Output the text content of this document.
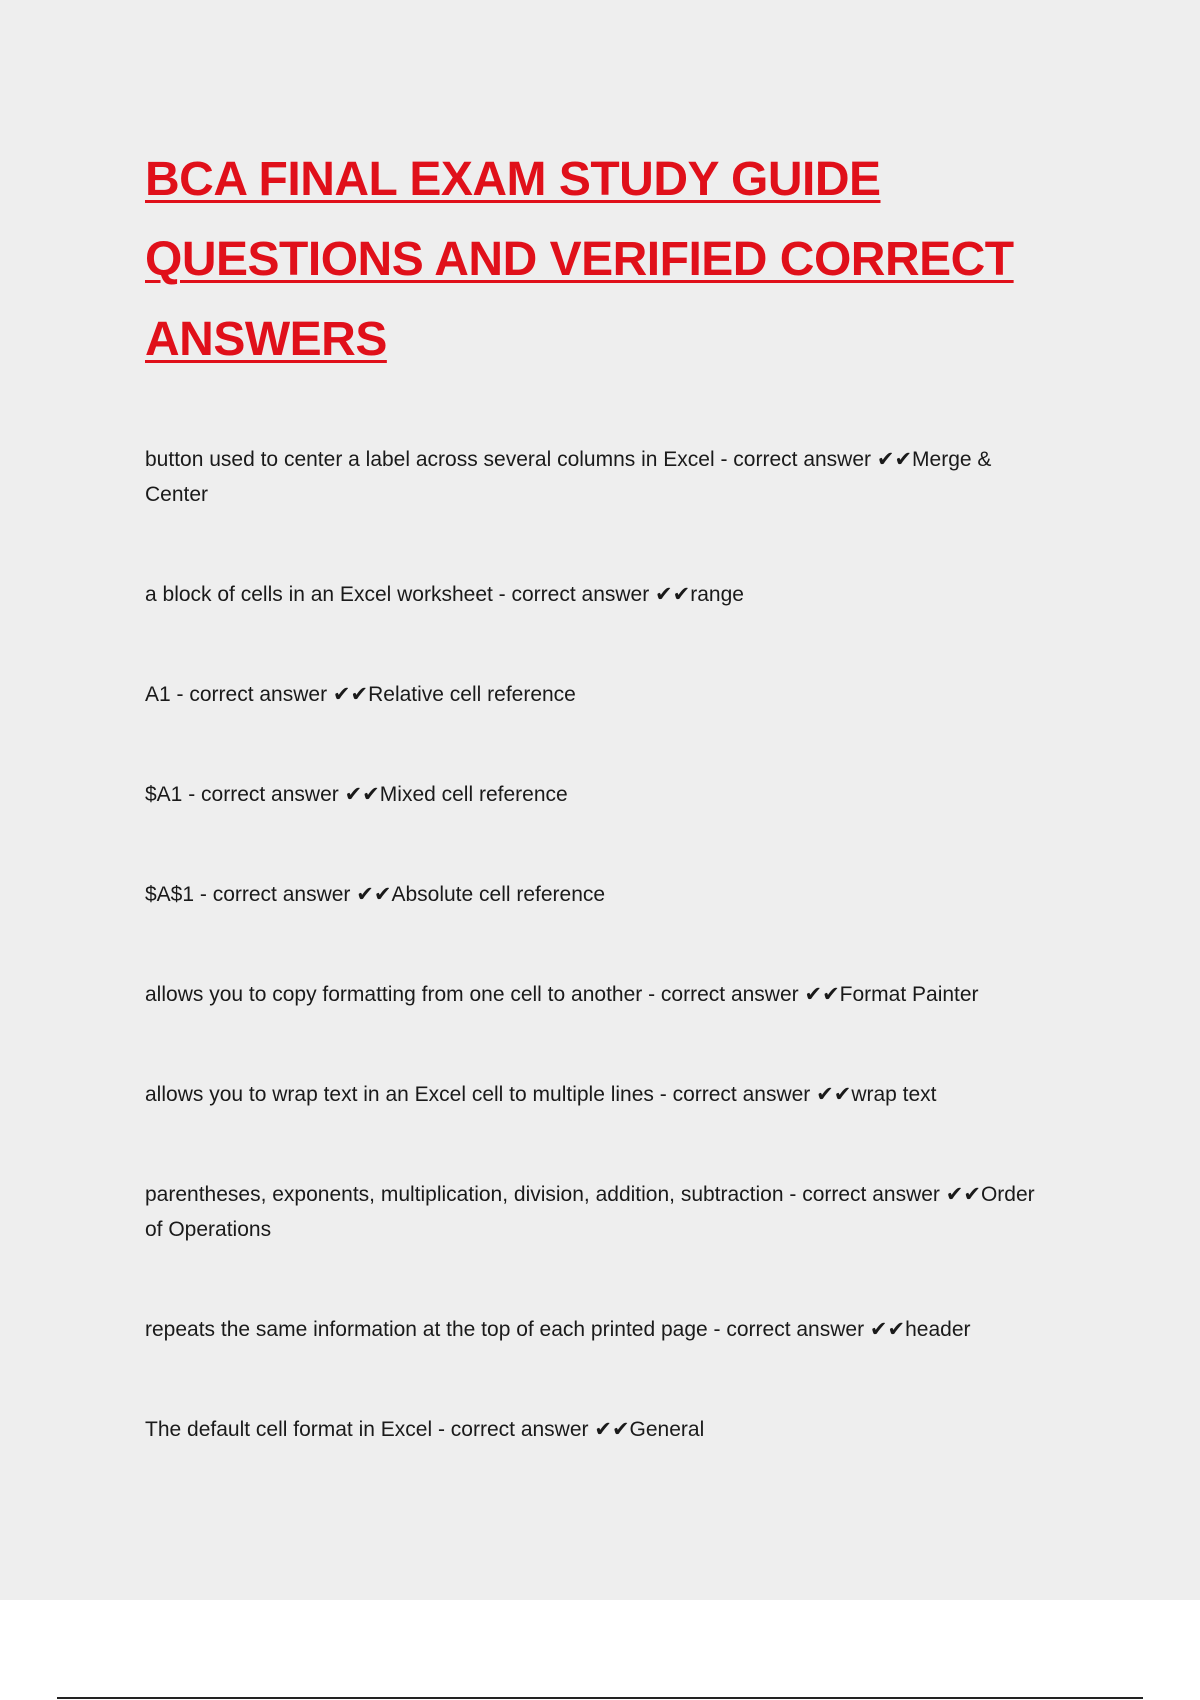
BCA FINAL EXAM STUDY GUIDE QUESTIONS AND VERIFIED CORRECT ANSWERS
button used to center a label across several columns in Excel - correct answer ✔✔Merge & Center
a block of cells in an Excel worksheet - correct answer ✔✔range
A1 - correct answer ✔✔Relative cell reference
$A1 - correct answer ✔✔Mixed cell reference
$A$1 - correct answer ✔✔Absolute cell reference
allows you to copy formatting from one cell to another - correct answer ✔✔Format Painter
allows you to wrap text in an Excel cell to multiple lines - correct answer ✔✔wrap text
parentheses, exponents, multiplication, division, addition, subtraction - correct answer ✔✔Order of Operations
repeats the same information at the top of each printed page - correct answer ✔✔header
The default cell format in Excel - correct answer ✔✔General
